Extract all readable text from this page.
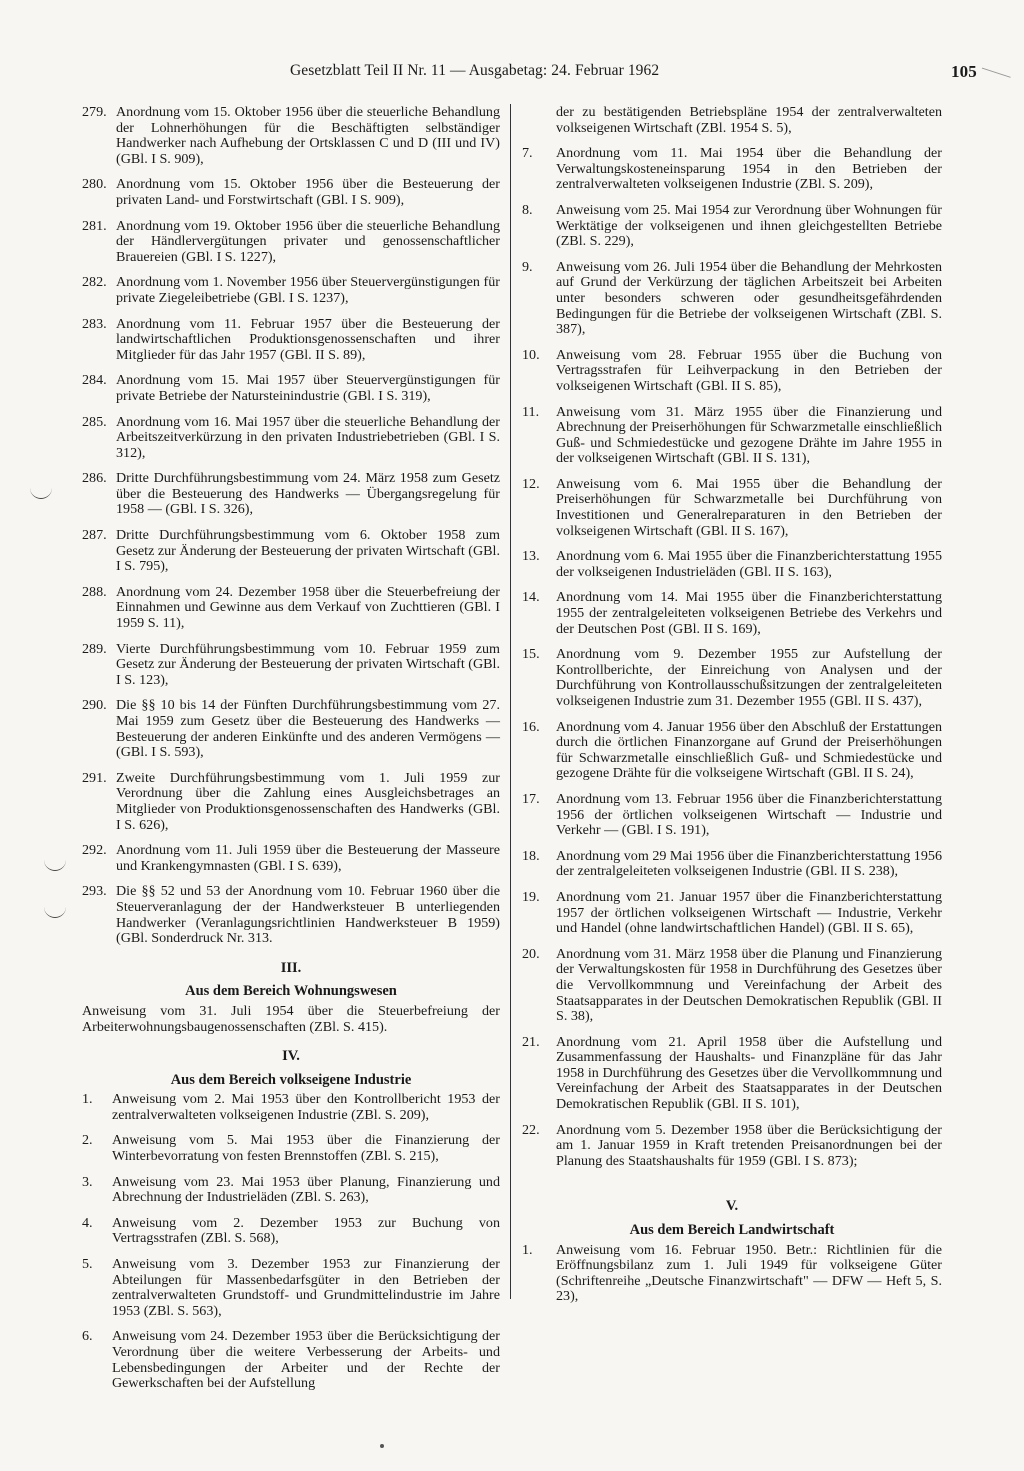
Gesetzblatt Teil II Nr. 11 — Ausgabetag: 24. Februar 1962	105
279. Anordnung vom 15. Oktober 1956 über die steuerliche Behandlung der Lohnerhöhungen für die Beschäftigten selbständiger Handwerker nach Aufhebung der Ortsklassen C und D (III und IV) (GBl. I S. 909),
280. Anordnung vom 15. Oktober 1956 über die Besteuerung der privaten Land- und Forstwirtschaft (GBl. I S. 909),
281. Anordnung vom 19. Oktober 1956 über die steuerliche Behandlung der Händlervergütungen privater und genossenschaftlicher Brauereien (GBl. I S. 1227),
282. Anordnung vom 1. November 1956 über Steuervergünstigungen für private Ziegeleibetriebe (GBl. I S. 1237),
283. Anordnung vom 11. Februar 1957 über die Besteuerung der landwirtschaftlichen Produktionsgenossenschaften und ihrer Mitglieder für das Jahr 1957 (GBl. II S. 89),
284. Anordnung vom 15. Mai 1957 über Steuervergünstigungen für private Betriebe der Natursteinindustrie (GBl. I S. 319),
285. Anordnung vom 16. Mai 1957 über die steuerliche Behandlung der Arbeitszeitverkürzung in den privaten Industriebetrieben (GBl. I S. 312),
286. Dritte Durchführungsbestimmung vom 24. März 1958 zum Gesetz über die Besteuerung des Handwerks — Übergangsregelung für 1958 — (GBl. I S. 326),
287. Dritte Durchführungsbestimmung vom 6. Oktober 1958 zum Gesetz zur Änderung der Besteuerung der privaten Wirtschaft (GBl. I S. 795),
288. Anordnung vom 24. Dezember 1958 über die Steuerbefreiung der Einnahmen und Gewinne aus dem Verkauf von Zuchttieren (GBl. I 1959 S. 11),
289. Vierte Durchführungsbestimmung vom 10. Februar 1959 zum Gesetz zur Änderung der Besteuerung der privaten Wirtschaft (GBl. I S. 123),
290. Die §§ 10 bis 14 der Fünften Durchführungsbestimmung vom 27. Mai 1959 zum Gesetz über die Besteuerung des Handwerks — Besteuerung der anderen Einkünfte und des anderen Vermögens — (GBl. I S. 593),
291. Zweite Durchführungsbestimmung vom 1. Juli 1959 zur Verordnung über die Zahlung eines Ausgleichsbetrages an Mitglieder von Produktionsgenossenschaften des Handwerks (GBl. I S. 626),
292. Anordnung vom 11. Juli 1959 über die Besteuerung der Masseure und Krankengymnasten (GBl. I S. 639),
293. Die §§ 52 und 53 der Anordnung vom 10. Februar 1960 über die Steuerveranlagung der der Handwerksteuer B unterliegenden Handwerker (Veranlagungsrichtlinien Handwerksteuer B 1959) (GBl. Sonderdruck Nr. 313.
III.
Aus dem Bereich Wohnungswesen
Anweisung vom 31. Juli 1954 über die Steuerbefreiung der Arbeiterwohnungsbaugenossenschaften (ZBl. S. 415).
IV.
Aus dem Bereich volkseigene Industrie
1.	Anweisung vom 2. Mai 1953 über den Kontrollbericht 1953 der zentralverwalteten volkseigenen Industrie (ZBl. S. 209),
2.	Anweisung vom 5. Mai 1953 über die Finanzierung der Winterbevorratung von festen Brennstoffen (ZBl. S. 215),
3.	Anweisung vom 23. Mai 1953 über Planung, Finanzierung und Abrechnung der Industrieläden (ZBl. S. 263),
4.	Anweisung vom 2. Dezember 1953 zur Buchung von Vertragsstrafen (ZBl. S. 568),
5.	Anweisung vom 3. Dezember 1953 zur Finanzierung der Abteilungen für Massenbedarfsgüter in den Betrieben der zentralverwalteten Grundstoff- und Grundmittelindustrie im Jahre 1953 (ZBl. S. 563),
6.	Anweisung vom 24. Dezember 1953 über die Berücksichtigung der Verordnung über die weitere Verbesserung der Arbeits- und Lebensbedingungen der Arbeiter und der Rechte der Gewerkschaften bei der Aufstellung
der zu bestätigenden Betriebspläne 1954 der zentralverwalteten volkseigenen Wirtschaft (ZBl. 1954 S. 5),
7.	Anordnung vom 11. Mai 1954 über die Behandlung der Verwaltungskosteneinsparung 1954 in den Betrieben der zentralverwalteten volkseigenen Industrie (ZBl. S. 209),
8.	Anweisung vom 25. Mai 1954 zur Verordnung über Wohnungen für Werktätige der volkseigenen und ihnen gleichgestellten Betriebe (ZBl. S. 229),
9.	Anweisung vom 26. Juli 1954 über die Behandlung der Mehrkosten auf Grund der Verkürzung der täglichen Arbeitszeit bei Arbeiten unter besonders schweren oder gesundheitsgefährdenden Bedingungen für die Betriebe der volkseigenen Wirtschaft (ZBl. S. 387),
10.	Anweisung vom 28. Februar 1955 über die Buchung von Vertragsstrafen für Leihverpackung in den Betrieben der volkseigenen Wirtschaft (GBl. II S. 85),
11.	Anweisung vom 31. März 1955 über die Finanzierung und Abrechnung der Preiserhöhungen für Schwarzmetalle einschließlich Guß- und Schmiedestücke und gezogene Drähte im Jahre 1955 in der volkseigenen Wirtschaft (GBl. II S. 131),
12.	Anweisung vom 6. Mai 1955 über die Behandlung der Preiserhöhungen für Schwarzmetalle bei Durchführung von Investitionen und Generalreparaturen in den Betrieben der volkseigenen Wirtschaft (GBl. II S. 167),
13.	Anordnung vom 6. Mai 1955 über die Finanzberichterstattung 1955 der volkseigenen Industrieläden (GBl. II S. 163),
14.	Anordnung vom 14. Mai 1955 über die Finanzberichterstattung 1955 der zentralgeleiteten volkseigenen Betriebe des Verkehrs und der Deutschen Post (GBl. II S. 169),
15.	Anordnung vom 9. Dezember 1955 zur Aufstellung der Kontrollberichte, der Einreichung von Analysen und der Durchführung von Kontrollausschußsitzungen der zentralgeleiteten volkseigenen Industrie zum 31. Dezember 1955 (GBl. II S. 437),
16.	Anordnung vom 4. Januar 1956 über den Abschluß der Erstattungen durch die örtlichen Finanzorgane auf Grund der Preiserhöhungen für Schwarzmetalle einschließlich Guß- und Schmiedestücke und gezogene Drähte für die volkseigene Wirtschaft (GBl. II S. 24),
17.	Anordnung vom 13. Februar 1956 über die Finanzberichterstattung 1956 der örtlichen volkseigenen Wirtschaft — Industrie und Verkehr — (GBl. I S. 191),
18.	Anordnung vom 29 Mai 1956 über die Finanzberichterstattung 1956 der zentralgeleiteten volkseigenen Industrie (GBl. II S. 238),
19.	Anordnung vom 21. Januar 1957 über die Finanzberichterstattung 1957 der örtlichen volkseigenen Wirtschaft — Industrie, Verkehr und Handel (ohne landwirtschaftlichen Handel) (GBl. II S. 65),
20.	Anordnung vom 31. März 1958 über die Planung und Finanzierung der Verwaltungskosten für 1958 in Durchführung des Gesetzes über die Vervollkommnung und Vereinfachung der Arbeit des Staatsapparates in der Deutschen Demokratischen Republik (GBl. II S. 38),
21.	Anordnung vom 21. April 1958 über die Aufstellung und Zusammenfassung der Haushalts- und Finanzpläne für das Jahr 1958 in Durchführung des Gesetzes über die Vervollkommnung und Vereinfachung der Arbeit des Staatsapparates in der Deutschen Demokratischen Republik (GBl. II S. 101),
22.	Anordnung vom 5. Dezember 1958 über die Berücksichtigung der am 1. Januar 1959 in Kraft tretenden Preisanordnungen bei der Planung des Staatshaushalts für 1959 (GBl. I S. 873);
V.
Aus dem Bereich Landwirtschaft
1.	Anweisung vom 16. Februar 1950. Betr.: Richtlinien für die Eröffnungsbilanz zum 1. Juli 1949 für volkseigene Güter (Schriftenreihe „Deutsche Finanzwirtschaft" — DFW — Heft 5, S. 23),
